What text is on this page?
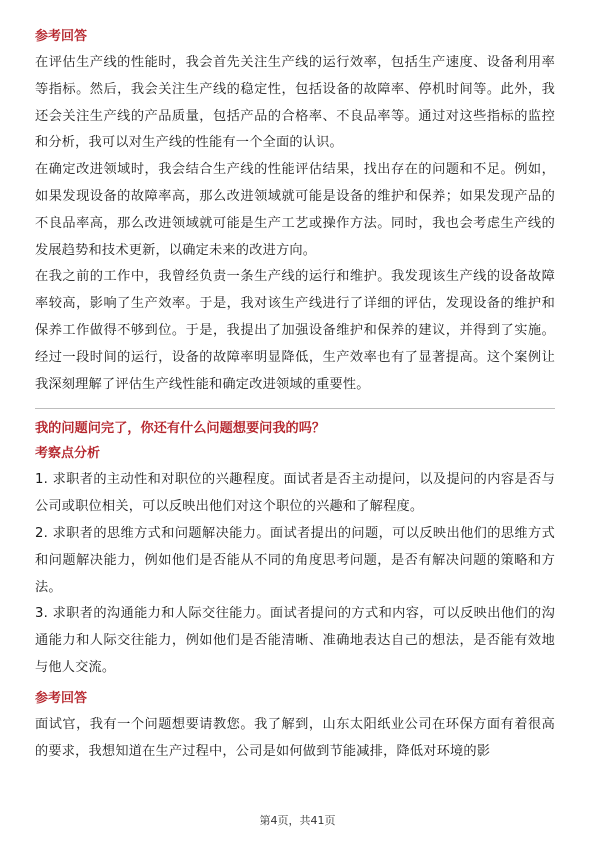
参考回答

在评估生产线的性能时，我会首先关注生产线的运行效率，包括生产速度、设备利用率等指标。然后，我会关注生产线的稳定性，包括设备的故障率、停机时间等。此外，我还会关注生产线的产品质量，包括产品的合格率、不良品率等。通过对这些指标的监控和分析，我可以对生产线的性能有一个全面的认识。

在确定改进领域时，我会结合生产线的性能评估结果，找出存在的问题和不足。例如，如果发现设备的故障率高，那么改进领域就可能是设备的维护和保养；如果发现产品的不良品率高，那么改进领域就可能是生产工艺或操作方法。同时，我也会考虑生产线的发展趋势和技术更新，以确定未来的改进方向。

在我之前的工作中，我曾经负责一条生产线的运行和维护。我发现该生产线的设备故障率较高，影响了生产效率。于是，我对该生产线进行了详细的评估，发现设备的维护和保养工作做得不够到位。于是，我提出了加强设备维护和保养的建议，并得到了实施。经过一段时间的运行，设备的故障率明显降低，生产效率也有了显著提高。这个案例让我深刻理解了评估生产线性能和确定改进领域的重要性。

我的问题问完了，你还有什么问题想要问我的吗？
考察点分析

1. 求职者的主动性和对职位的兴趣程度。面试者是否主动提问，以及提问的内容是否与公司或职位相关，可以反映出他们对这个职位的兴趣和了解程度。

2. 求职者的思维方式和问题解决能力。面试者提出的问题，可以反映出他们的思维方式和问题解决能力，例如他们是否能从不同的角度思考问题，是否有解决问题的策略和方法。

3. 求职者的沟通能力和人际交往能力。面试者提问的方式和内容，可以反映出他们的沟通能力和人际交往能力，例如他们是否能清晰、准确地表达自己的想法，是否能有效地与他人交流。

参考回答

面试官，我有一个问题想要请教您。我了解到，山东太阳纸业公司在环保方面有着很高的要求，我想知道在生产过程中，公司是如何做到节能减排，降低对环境的影

第4页，共41页
